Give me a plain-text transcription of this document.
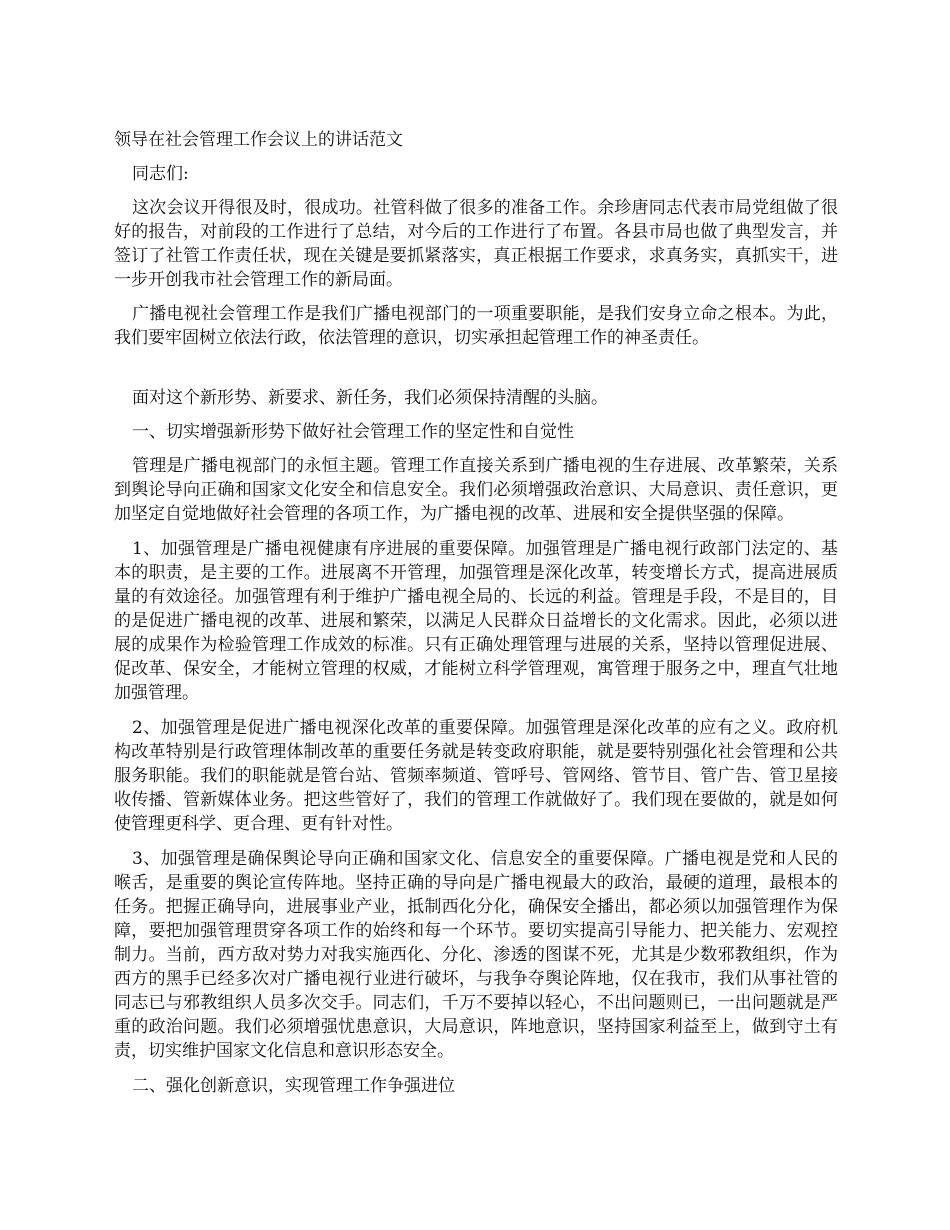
领导在社会管理工作会议上的讲话范文

同志们:

这次会议开得很及时，很成功。社管科做了很多的准备工作。余珍唐同志代表市局党组做了很好的报告，对前段的工作进行了总结，对今后的工作进行了布置。各县市局也做了典型发言，并签订了社管工作责任状，现在关键是要抓紧落实，真正根据工作要求，求真务实，真抓实干，进一步开创我市社会管理工作的新局面。

广播电视社会管理工作是我们广播电视部门的一项重要职能，是我们安身立命之根本。为此，我们要牢固树立依法行政，依法管理的意识，切实承担起管理工作的神圣责任。

面对这个新形势、新要求、新任务，我们必须保持清醒的头脑。

一、切实增强新形势下做好社会管理工作的坚定性和自觉性

管理是广播电视部门的永恒主题。管理工作直接关系到广播电视的生存进展、改革繁荣，关系到舆论导向正确和国家文化安全和信息安全。我们必须增强政治意识、大局意识、责任意识，更加坚定自觉地做好社会管理的各项工作，为广播电视的改革、进展和安全提供坚强的保障。

1、加强管理是广播电视健康有序进展的重要保障。加强管理是广播电视行政部门法定的、基本的职责，是主要的工作。进展离不开管理，加强管理是深化改革，转变增长方式，提高进展质量的有效途径。加强管理有利于维护广播电视全局的、长远的利益。管理是手段，不是目的，目的是促进广播电视的改革、进展和繁荣，以满足人民群众日益增长的文化需求。因此，必须以进展的成果作为检验管理工作成效的标准。只有正确处理管理与进展的关系，坚持以管理促进展、促改革、保安全，才能树立管理的权威，才能树立科学管理观，寓管理于服务之中，理直气壮地加强管理。

2、加强管理是促进广播电视深化改革的重要保障。加强管理是深化改革的应有之义。政府机构改革特别是行政管理体制改革的重要任务就是转变政府职能，就是要特别强化社会管理和公共服务职能。我们的职能就是管台站、管频率频道、管呼号、管网络、管节目、管广告、管卫星接收传播、管新媒体业务。把这些管好了，我们的管理工作就做好了。我们现在要做的，就是如何使管理更科学、更合理、更有针对性。

3、加强管理是确保舆论导向正确和国家文化、信息安全的重要保障。广播电视是党和人民的喉舌，是重要的舆论宣传阵地。坚持正确的导向是广播电视最大的政治，最硬的道理，最根本的任务。把握正确导向，进展事业产业，抵制西化分化，确保安全播出，都必须以加强管理作为保障，要把加强管理贯穿各项工作的始终和每一个环节。要切实提高引导能力、把关能力、宏观控制力。当前，西方敌对势力对我实施西化、分化、渗透的图谋不死，尤其是少数邪教组织，作为西方的黑手已经多次对广播电视行业进行破坏，与我争夺舆论阵地，仅在我市，我们从事社管的同志已与邪教组织人员多次交手。同志们，千万不要掉以轻心，不出问题则已，一出问题就是严重的政治问题。我们必须增强忧患意识，大局意识，阵地意识，坚持国家利益至上，做到守土有责，切实维护国家文化信息和意识形态安全。

二、强化创新意识，实现管理工作争强进位
